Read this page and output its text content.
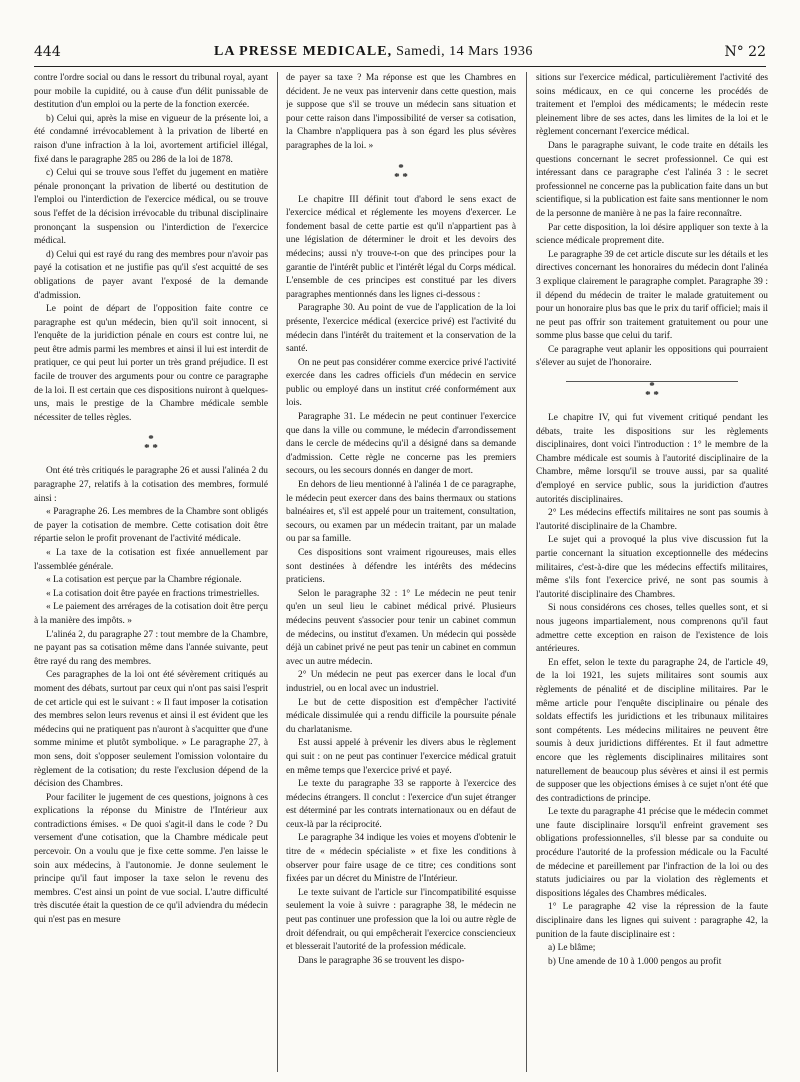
444	LA PRESSE MEDICALE, Samedi, 14 Mars 1936	N° 22

contre l'ordre social ou dans le ressort du tribunal royal, ayant pour mobile la cupidité, ou à cause d'un délit punissable de destitution d'un emploi ou la perte de la fonction exercée.

b) Celui qui, après la mise en vigueur de la présente loi, a été condamné irrévocablement à la privation de liberté en raison d'une infraction à la loi, avortement artificiel illégal, fixé dans le paragraphe 285 ou 286 de la loi de 1878.

c) Celui qui se trouve sous l'effet du jugement en matière pénale prononçant la privation de liberté ou destitution de l'emploi ou l'interdiction de l'exercice médical, ou se trouve sous l'effet de la décision irrévocable du tribunal disciplinaire prononçant la suspension ou l'interdiction de l'exercice médical.

d) Celui qui est rayé du rang des membres pour n'avoir pas payé la cotisation et ne justifie pas qu'il s'est acquitté de ses obligations de payer avant l'exposé de la demande d'admission.

Le point de départ de l'opposition faite contre ce paragraphe est qu'un médecin, bien qu'il soit innocent, si l'enquête de la juridiction pénale en cours est contre lui, ne peut être admis parmi les membres et ainsi il lui est interdit de pratiquer, ce qui peut lui porter un très grand préjudice. Il est facile de trouver des arguments pour ou contre ce paragraphe de la loi. Il est certain que ces dispositions nuiront à quelques-uns, mais le prestige de la Chambre médicale semble nécessiter de telles règles.

*
* *

Ont été très critiqués le paragraphe 26 et aussi l'alinéa 2 du paragraphe 27, relatifs à la cotisation des membres, formulé ainsi :

« Paragraphe 26. Les membres de la Chambre sont obligés de payer la cotisation de membre. Cette cotisation doit être répartie selon le profit provenant de l'activité médicale.

« La taxe de la cotisation est fixée annuellement par l'assemblée générale.

« La cotisation est perçue par la Chambre régionale.

« La cotisation doit être payée en fractions trimestrielles.

« Le paiement des arrérages de la cotisation doit être perçu à la manière des impôts. »

L'alinéa 2, du paragraphe 27 : tout membre de la Chambre, ne payant pas sa cotisation même dans l'année suivante, peut être rayé du rang des membres.

Ces paragraphes de la loi ont été sévèrement critiqués au moment des débats, surtout par ceux qui n'ont pas saisi l'esprit de cet article qui est le suivant : « Il faut imposer la cotisation des membres selon leurs revenus et ainsi il est évident que les médecins qui ne pratiquent pas n'auront à s'acquitter que d'une somme minime et plutôt symbolique. » Le paragraphe 27, à mon sens, doit s'opposer seulement l'omission volontaire du règlement de la cotisation; du reste l'exclusion dépend de la décision des Chambres.

Pour faciliter le jugement de ces questions, joignons à ces explications la réponse du Ministre de l'Intérieur aux contradictions émises. « De quoi s'agit-il dans le code ? Du versement d'une cotisation, que la Chambre médicale peut percevoir. On a voulu que je fixe cette somme. J'en laisse le soin aux médecins, à l'autonomie. Je donne seulement le principe qu'il faut imposer la taxe selon le revenu des membres. C'est ainsi un point de vue social. L'autre difficulté très discutée était la question de ce qu'il adviendra du médecin qui n'est pas en mesure

de payer sa taxe ? Ma réponse est que les Chambres en décident. Je ne veux pas intervenir dans cette question, mais je suppose que s'il se trouve un médecin sans situation et pour cette raison dans l'impossibilité de verser sa cotisation, la Chambre n'appliquera pas à son égard les plus sévères paragraphes de la loi. »

*
* *

Le chapitre III définit tout d'abord le sens exact de l'exercice médical et réglemente les moyens d'exercer. Le fondement basal de cette partie est qu'il n'appartient pas à une législation de déterminer le droit et les devoirs des médecins; aussi n'y trouve-t-on que des principes pour la garantie de l'intérêt public et l'intérêt légal du Corps médical. L'ensemble de ces principes est constitué par les divers paragraphes mentionnés dans les lignes ci-dessous :

Paragraphe 30. Au point de vue de l'application de la loi présente, l'exercice médical (exercice privé) est l'activité du médecin dans l'intérêt du traitement et la conservation de la santé.

On ne peut pas considérer comme exercice privé l'activité exercée dans les cadres officiels d'un médecin en service public ou employé dans un institut créé conformément aux lois.

Paragraphe 31. Le médecin ne peut continuer l'exercice que dans la ville ou commune, le médecin d'arrondissement dans le cercle de médecins qu'il a désigné dans sa demande d'admission. Cette règle ne concerne pas les premiers secours, ou les secours donnés en danger de mort.

En dehors de lieu mentionné à l'alinéa 1 de ce paragraphe, le médecin peut exercer dans des bains thermaux ou stations balnéaires et, s'il est appelé pour un traitement, consultation, secours, ou examen par un médecin traitant, par un malade ou par sa famille.

Ces dispositions sont vraiment rigoureuses, mais elles sont destinées à défendre les intérêts des médecins praticiens.

Selon le paragraphe 32 : 1° Le médecin ne peut tenir qu'en un seul lieu le cabinet médical privé. Plusieurs médecins peuvent s'associer pour tenir un cabinet commun de médecins, ou institut d'examen. Un médecin qui possède déjà un cabinet privé ne peut pas tenir un cabinet en commun avec un autre médecin.

2° Un médecin ne peut pas exercer dans le local d'un industriel, ou en local avec un industriel.

Le but de cette disposition est d'empêcher l'activité médicale dissimulée qui a rendu difficile la poursuite pénale du charlatanisme.

Est aussi appelé à prévenir les divers abus le règlement qui suit : on ne peut pas continuer l'exercice médical gratuit en même temps que l'exercice privé et payé.

Le texte du paragraphe 33 se rapporte à l'exercice des médecins étrangers. Il conclut : l'exercice d'un sujet étranger est déterminé par les contrats internationaux ou en défaut de ceux-là par la réciprocité.

Le paragraphe 34 indique les voies et moyens d'obtenir le titre de « médecin spécialiste » et fixe les conditions à observer pour faire usage de ce titre; ces conditions sont fixées par un décret du Ministre de l'Intérieur.

Le texte suivant de l'article sur l'incompatibilité esquisse seulement la voie à suivre : paragraphe 38, le médecin ne peut pas continuer une profession que la loi ou autre règle de droit défendrait, ou qui empêcherait l'exercice consciencieux et blesserait l'autorité de la profession médicale.

Dans le paragraphe 36 se trouvent les dispo-

sitions sur l'exercice médical, particulièrement l'activité des soins médicaux, en ce qui concerne les procédés de traitement et l'emploi des médicaments; le médecin reste pleinement libre de ses actes, dans les limites de la loi et le règlement concernant l'exercice médical.

Dans le paragraphe suivant, le code traite en détails les questions concernant le secret professionnel. Ce qui est intéressant dans ce paragraphe c'est l'alinéa 3 : le secret professionnel ne concerne pas la publication faite dans un but scientifique, si la publication est faite sans mentionner le nom de la personne de manière à ne pas la faire reconnaître.

Par cette disposition, la loi désire appliquer son texte à la science médicale proprement dite.

Le paragraphe 39 de cet article discute sur les détails et les directives concernant les honoraires du médecin dont l'alinéa 3 explique clairement le paragraphe complet. Paragraphe 39 : il dépend du médecin de traiter le malade gratuitement ou pour un honoraire plus bas que le prix du tarif officiel; mais il ne peut pas offrir son traitement gratuitement ou pour une somme plus basse que celui du tarif.

Ce paragraphe veut aplanir les oppositions qui pourraient s'élever au sujet de l'honoraire.

*
* *

Le chapitre IV, qui fut vivement critiqué pendant les débats, traite les dispositions sur les règlements disciplinaires, dont voici l'introduction : 1° le membre de la Chambre médicale est soumis à l'autorité disciplinaire de la Chambre, même lorsqu'il se trouve aussi, par sa qualité d'employé en service public, sous la juridiction d'autres autorités disciplinaires.

2° Les médecins effectifs militaires ne sont pas soumis à l'autorité disciplinaire de la Chambre.

Le sujet qui a provoqué la plus vive discussion fut la partie concernant la situation exceptionnelle des médecins militaires, c'est-à-dire que les médecins effectifs militaires, même s'ils font l'exercice privé, ne sont pas soumis à l'autorité disciplinaire des Chambres.

Si nous considérons ces choses, telles quelles sont, et si nous jugeons impartialement, nous comprenons qu'il faut admettre cette exception en raison de l'existence de lois antérieures.

En effet, selon le texte du paragraphe 24, de l'article 49, de la loi 1921, les sujets militaires sont soumis aux règlements de pénalité et de discipline militaires. Par le même article pour l'enquête disciplinaire ou pénale des soldats effectifs les juridictions et les tribunaux militaires sont compétents. Les médecins militaires ne peuvent être soumis à deux juridictions différentes. Et il faut admettre encore que les règlements disciplinaires militaires sont naturellement de beaucoup plus sévères et ainsi il est permis de supposer que les objections émises à ce sujet n'ont été que des contradictions de principe.

Le texte du paragraphe 41 précise que le médecin commet une faute disciplinaire lorsqu'il enfreint gravement ses obligations professionnelles, s'il blesse par sa conduite ou procédure l'autorité de la profession médicale ou la Faculté de médecine et pareillement par l'infraction de la loi ou des statuts judiciaires ou par la violation des règlements et dispositions légales des Chambres médicales.

1° Le paragraphe 42 vise la répression de la faute disciplinaire dans les lignes qui suivent : paragraphe 42, la punition de la faute disciplinaire est :

a) Le blâme;

b) Une amende de 10 à 1.000 pengos au profit
